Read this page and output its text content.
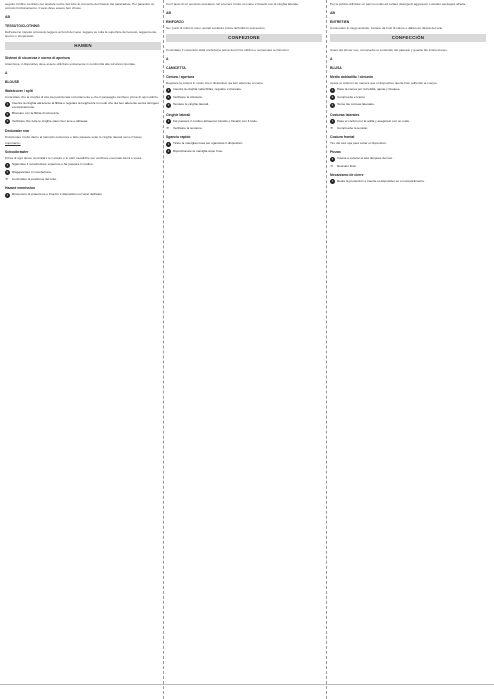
seguire l'ordine contrario per lasciare uscire del tubo al momento del rilascio del paracadute. Per garantire un corretto funzionamento, il vano deve essere ben chiuso.
AB
TESSUTO/CLOTHING
Dell'esterno rispetto al tessuto leggero ai bordi del vano, leggere su tutta la superficie del tessuto, leggermente sporco o stropicciato.
HAMEN
Sistemi di sicurezza e norme di apertura
Attenzione: il dispositivo deve essere utilizzato unicamente in conformità alle istruzioni riportate.
A
BLOUSE
Waistcover / split
Controllare che la cinghia di vita sia posizionata correttamente e che il passaggio sia libero prima di ogni utilizzo.
1	Inserire la cinghia attraverso la fibbia e regolare la lunghezza in modo che sia ben aderente senza stringere eccessivamente.
2	Bloccare con la fibbia di sicurezza.
3	Verificare che tutte le cinghie siano ben tese e allineate.
Deckwater rear
Posizionare il tubo dietro al pannello posteriore e farlo passare sotto le cinghie laterali verso il basso.
Importante:
Schoolbrawler
Prima di ogni lancio controllare le cuciture e le parti metalliche per verificare eventuali danni o usura.
1	Sganciare il moschettone superiore e far passare il cordino.
2	Riagganciare il moschettone.
➜	Controllare la posizione del tubo.
Hazard emmission
1	Rimuovere la protezione e inserire il dispositivo nel vano dedicato.
Con l'aiuto di un secondo operatore, far scorrere il tubo nel vano e fissarlo con la cinghia laterale.
AB
RINFORZO
Se i punti di rinforzo sono usurati sostituire prima dell'utilizzo successivo.
CONFEZIONE
Controllare il contenuto della confezione prima del primo utilizzo e conservare le istruzioni.
A
CAMICETTA
Cintura / apertura
Regolare la cintura in modo che il dispositivo sia ben aderente al corpo.
1	Inserire la cinghia nella fibbia, regolare e bloccare.
2	Verificare la chiusura.
3	Tendere le cinghie laterali.
Cinghie laterali
1	Far passare il cordino attraverso l'anello e fissarlo con il nodo.
➜	Verificare la tensione.
Sgancio rapido
1	Tirare la maniglia rossa per sganciare il dispositivo.
2	Riposizionare la maniglia dopo l'uso.
Per la pulizia utilizzare un panno umido ed evitare detergenti aggressivi. Lasciare asciugare all'aria.
AB
ENTRETIEN
Conservare in luogo asciutto, lontano da fonti di calore e dalla luce diretta del sole.
CONFECCIÓN
Antes del primer uso, compruebe el contenido del paquete y guarde las instrucciones.
A
BLUSA
Medio dobladillo / cinturón
Ajuste el cinturón de manera que el dispositivo quede bien adherido al cuerpo.
1	Pase la correa por la hebilla, ajuste y bloquee.
2	Compruebe el cierre.
3	Tense las correas laterales.
Costuras laterales
1	Pase el cordón por la anilla y asegúrelo con un nudo.
➜	Compruebe la tensión.
Costura frontal
Tire del asa roja para soltar el dispositivo.
Pinzas
1	Vuelva a colocar el asa después del uso.
➜	Revisión final.
Mecanismo de cierre
1	Retire la protección e inserte el dispositivo en el compartimento.
